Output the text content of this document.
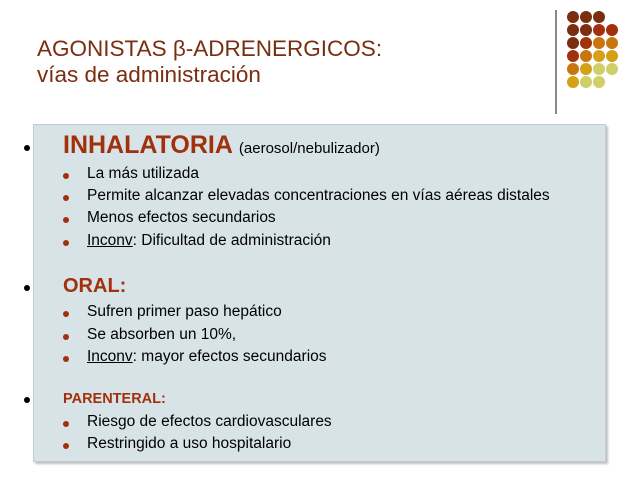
AGONISTAS β-ADRENERGICOS:
vías de administración
INHALATORIA (aerosol/nebulizador)
La más utilizada
Permite alcanzar elevadas concentraciones en vías aéreas distales
Menos efectos secundarios
Inconv: Dificultad de administración
ORAL:
Sufren primer paso hepático
Se absorben un 10%,
Inconv: mayor efectos secundarios
PARENTERAL:
Riesgo de efectos cardiovasculares
Restringido a uso hospitalario
